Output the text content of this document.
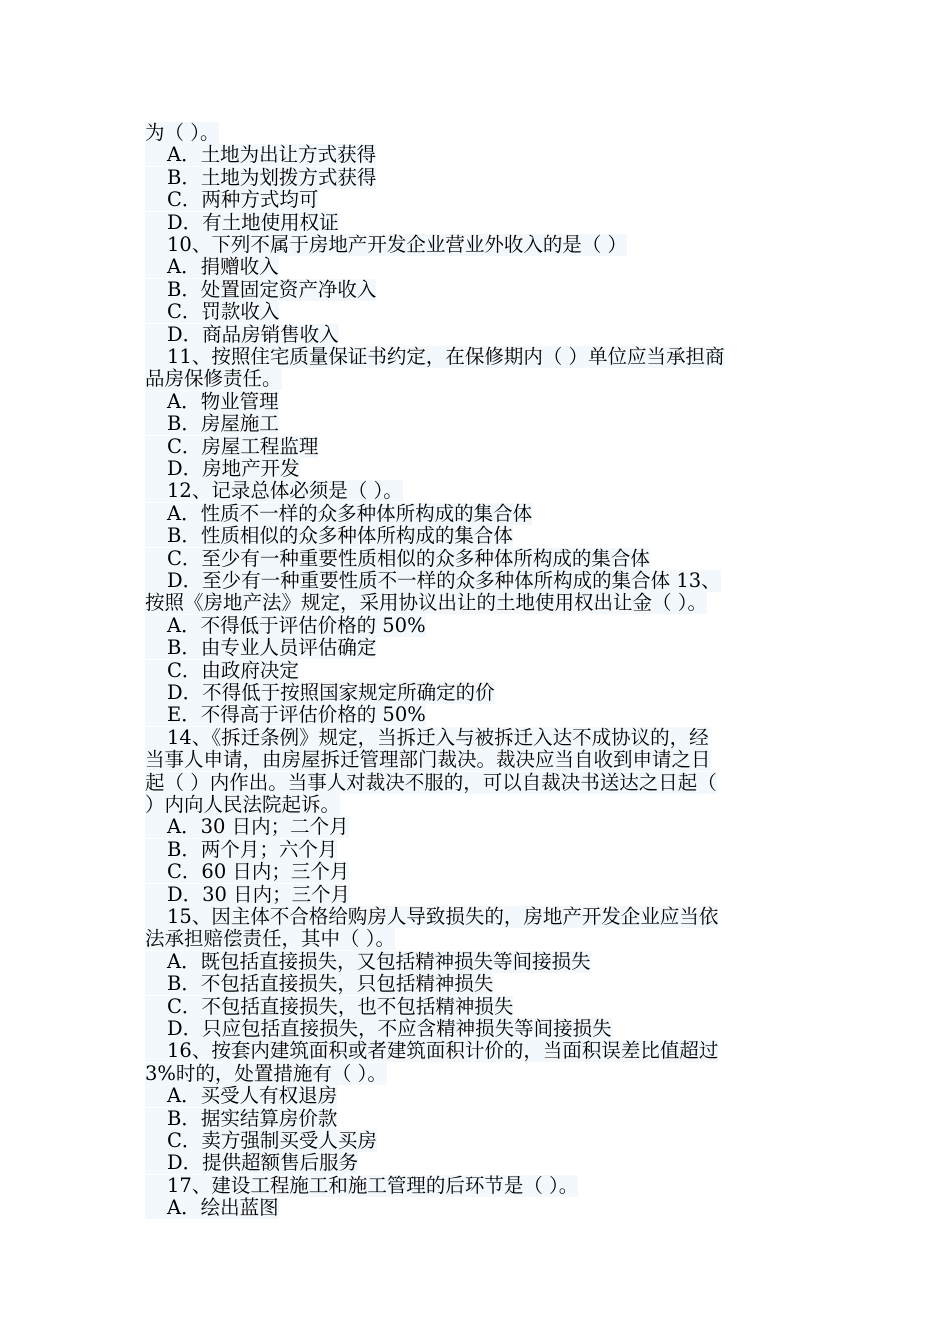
为（ ）。
A．土地为出让方式获得
B．土地为划拨方式获得
C．两种方式均可
D．有土地使用权证
10、下列不属于房地产开发企业营业外收入的是（ ）
A．捐赠收入
B．处置固定资产净收入
C．罚款收入
D．商品房销售收入
11、按照住宅质量保证书约定，在保修期内（ ）单位应当承担商
品房保修责任。
A．物业管理
B．房屋施工
C．房屋工程监理
D．房地产开发
12、记录总体必须是（ ）。
A．性质不一样的众多种体所构成的集合体
B．性质相似的众多种体所构成的集合体
C．至少有一种重要性质相似的众多种体所构成的集合体
D．至少有一种重要性质不一样的众多种体所构成的集合体 13、
按照《房地产法》规定，采用协议出让的土地使用权出让金（ ）。
A．不得低于评估价格的 50%
B．由专业人员评估确定
C．由政府决定
D．不得低于按照国家规定所确定的价
E．不得高于评估价格的 50%
14、《拆迁条例》规定，当拆迁入与被拆迁入达不成协议的，经
当事人申请，由房屋拆迁管理部门裁决。裁决应当自收到申请之日
起（ ）内作出。当事人对裁决不服的，可以自裁决书送达之日起（
）内向人民法院起诉。
A．30 日内；二个月
B．两个月；六个月
C．60 日内；三个月
D．30 日内；三个月
15、因主体不合格给购房人导致损失的，房地产开发企业应当依
法承担赔偿责任，其中（ ）。
A．既包括直接损失，又包括精神损失等间接损失
B．不包括直接损失，只包括精神损失
C．不包括直接损失，也不包括精神损失
D．只应包括直接损失，不应含精神损失等间接损失
16、按套内建筑面积或者建筑面积计价的，当面积误差比值超过
3%时的，处置措施有（ ）。
A．买受人有权退房
B．据实结算房价款
C．卖方强制买受人买房
D．提供超额售后服务
17、建设工程施工和施工管理的后环节是（ ）。
A．绘出蓝图
